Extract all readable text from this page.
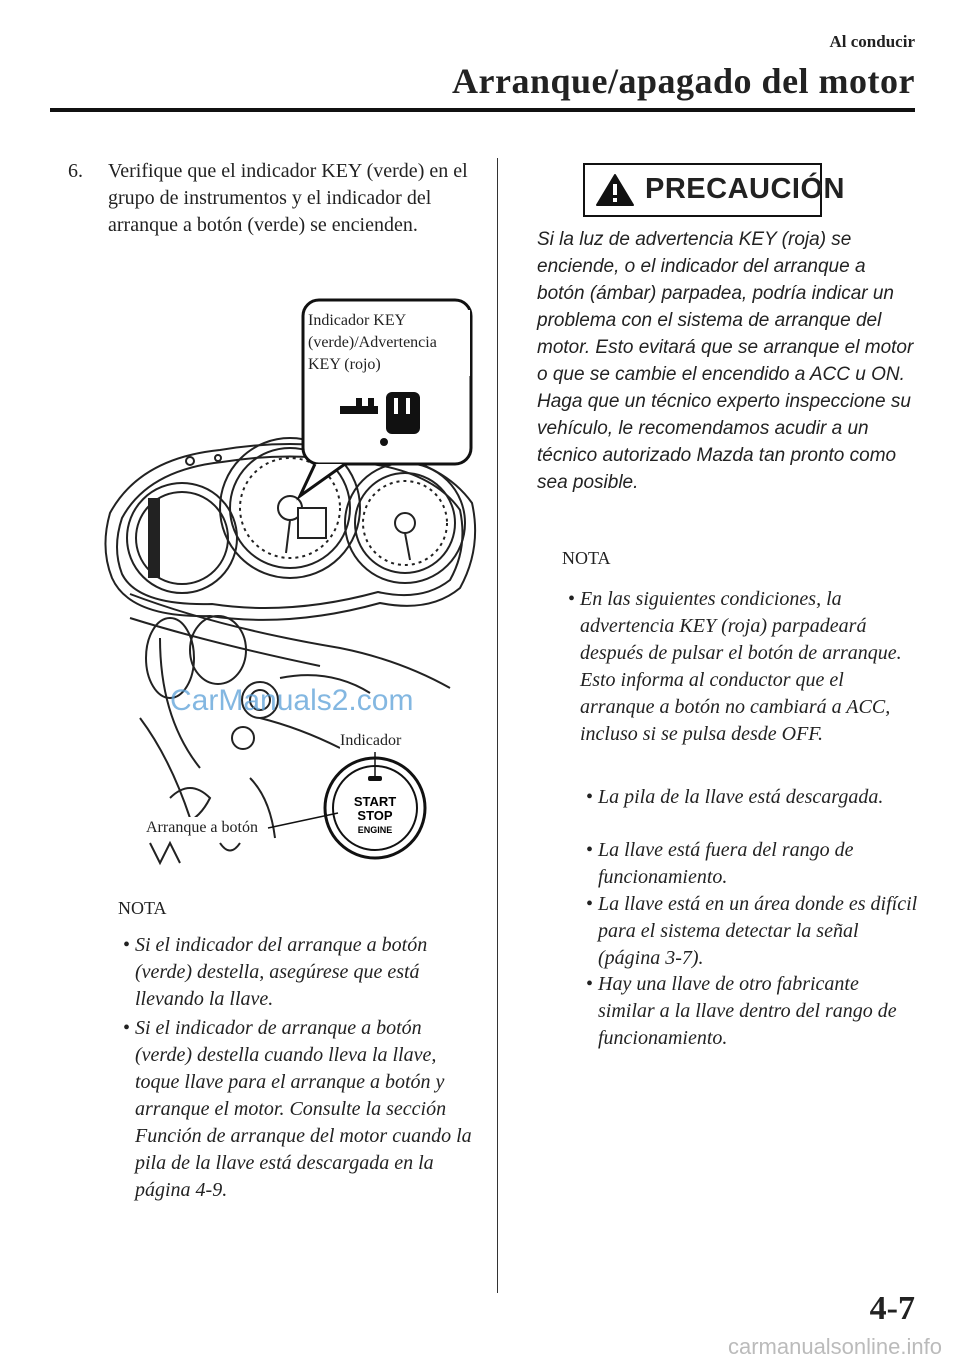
Al conducir
Arranque/apagado del motor
6. Verifique que el indicador KEY (verde) en el grupo de instrumentos y el indicador del arranque a botón (verde) se encienden.
START
STOP
ENGINE
Indicador KEY
(verde)/Advertencia
KEY (rojo)
Indicador
Arranque a botón
CarManuals2.com
NOTA
• Si el indicador del arranque a botón (verde) destella, asegúrese que está llevando la llave.
• Si el indicador de arranque a botón (verde) destella cuando lleva la llave, toque llave para el arranque a botón y arranque el motor. Consulte la sección Función de arranque del motor cuando la pila de la llave está descargada en la página 4-9.
PRECAUCIÓN
Si la luz de advertencia KEY (roja) se enciende, o el indicador del arranque a botón (ámbar) parpadea, podría indicar un problema con el sistema de arranque del motor. Esto evitará que se arranque el motor o que se cambie el encendido a ACC u ON. Haga que un técnico experto inspeccione su vehículo, le recomendamos acudir a un técnico autorizado Mazda tan pronto como sea posible.
NOTA
• En las siguientes condiciones, la advertencia KEY (roja) parpadeará después de pulsar el botón de arranque. Esto informa al conductor que el arranque a botón no cambiará a ACC, incluso si se pulsa desde OFF.
• La pila de la llave está descargada.
• La llave está fuera del rango de funcionamiento.
• La llave está en un área donde es difícil para el sistema detectar la señal (página 3-7).
• Hay una llave de otro fabricante similar a la llave dentro del rango de funcionamiento.
4-7
carmanualsonline.info
